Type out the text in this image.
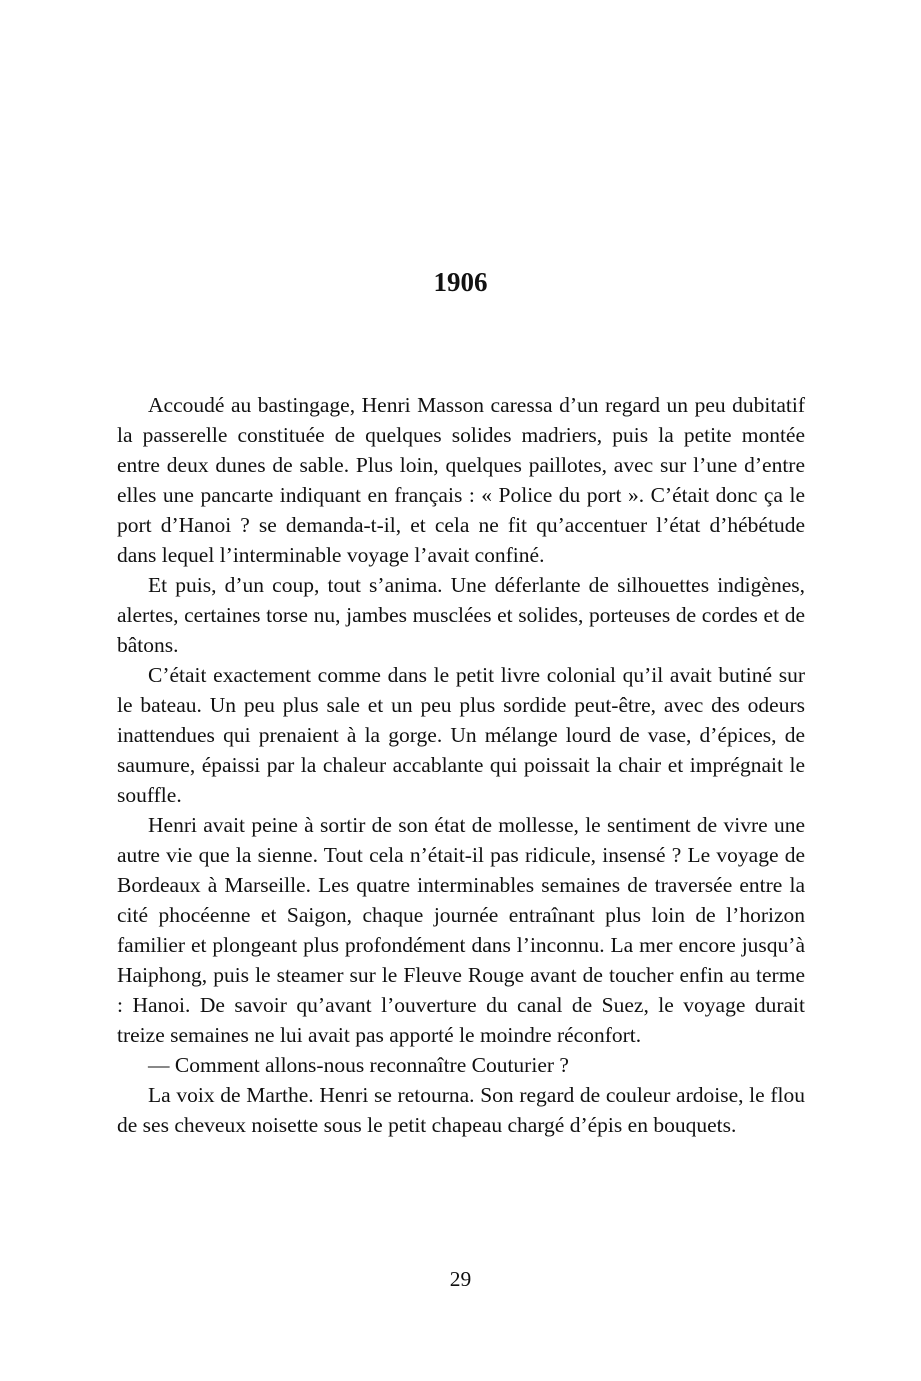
1906

Accoudé au bastingage, Henri Masson caressa d’un regard un peu dubitatif la passerelle constituée de quelques solides madriers, puis la petite montée entre deux dunes de sable. Plus loin, quelques paillotes, avec sur l’une d’entre elles une pancarte indiquant en français : « Police du port ». C’était donc ça le port d’Hanoi ? se demanda-t-il, et cela ne fit qu’accentuer l’état d’hébétude dans lequel l’interminable voyage l’avait confiné.

Et puis, d’un coup, tout s’anima. Une déferlante de silhouettes indigènes, alertes, certaines torse nu, jambes musclées et solides, porteuses de cordes et de bâtons.

C’était exactement comme dans le petit livre colonial qu’il avait butiné sur le bateau. Un peu plus sale et un peu plus sordide peut-être, avec des odeurs inattendues qui prenaient à la gorge. Un mélange lourd de vase, d’épices, de saumure, épaissi par la chaleur accablante qui poissait la chair et imprégnait le souffle.

Henri avait peine à sortir de son état de mollesse, le sentiment de vivre une autre vie que la sienne. Tout cela n’était-il pas ridicule, insensé ? Le voyage de Bordeaux à Marseille. Les quatre interminables semaines de traversée entre la cité phocéenne et Saigon, chaque journée entraînant plus loin de l’horizon familier et plongeant plus profondément dans l’inconnu. La mer encore jusqu’à Haiphong, puis le steamer sur le Fleuve Rouge avant de toucher enfin au terme : Hanoi. De savoir qu’avant l’ouverture du canal de Suez, le voyage durait treize semaines ne lui avait pas apporté le moindre réconfort.

— Comment allons-nous reconnaître Couturier ?

La voix de Marthe. Henri se retourna. Son regard de couleur ardoise, le flou de ses cheveux noisette sous le petit chapeau chargé d’épis en bouquets.

29
